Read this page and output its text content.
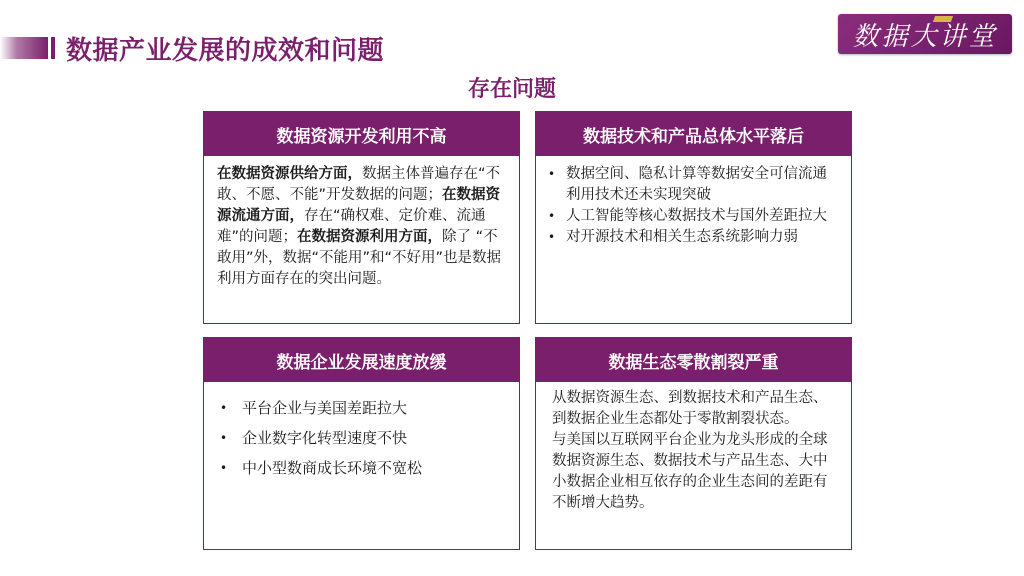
数据产业发展的成效和问题	数据大讲堂
存在问题
数据资源开发利用不高
在数据资源供给方面，数据主体普遍存在“不敢、不愿、不能”开发数据的问题；在数据资源流通方面，存在“确权难、定价难、流通难”的问题；在数据资源利用方面，除了 “不敢用”外，数据“不能用”和“不好用”也是数据利用方面存在的突出问题。
数据技术和产品总体水平落后
• 数据空间、隐私计算等数据安全可信流通利用技术还未实现突破
• 人工智能等核心数据技术与国外差距拉大
• 对开源技术和相关生态系统影响力弱
数据企业发展速度放缓
• 平台企业与美国差距拉大
• 企业数字化转型速度不快
• 中小型数商成长环境不宽松
数据生态零散割裂严重

从数据资源生态、到数据技术和产品生态、到数据企业生态都处于零散割裂状态。

与美国以互联网平台企业为龙头形成的全球数据资源生态、数据技术与产品生态、大中小数据企业相互依存的企业生态间的差距有不断增大趋势。
